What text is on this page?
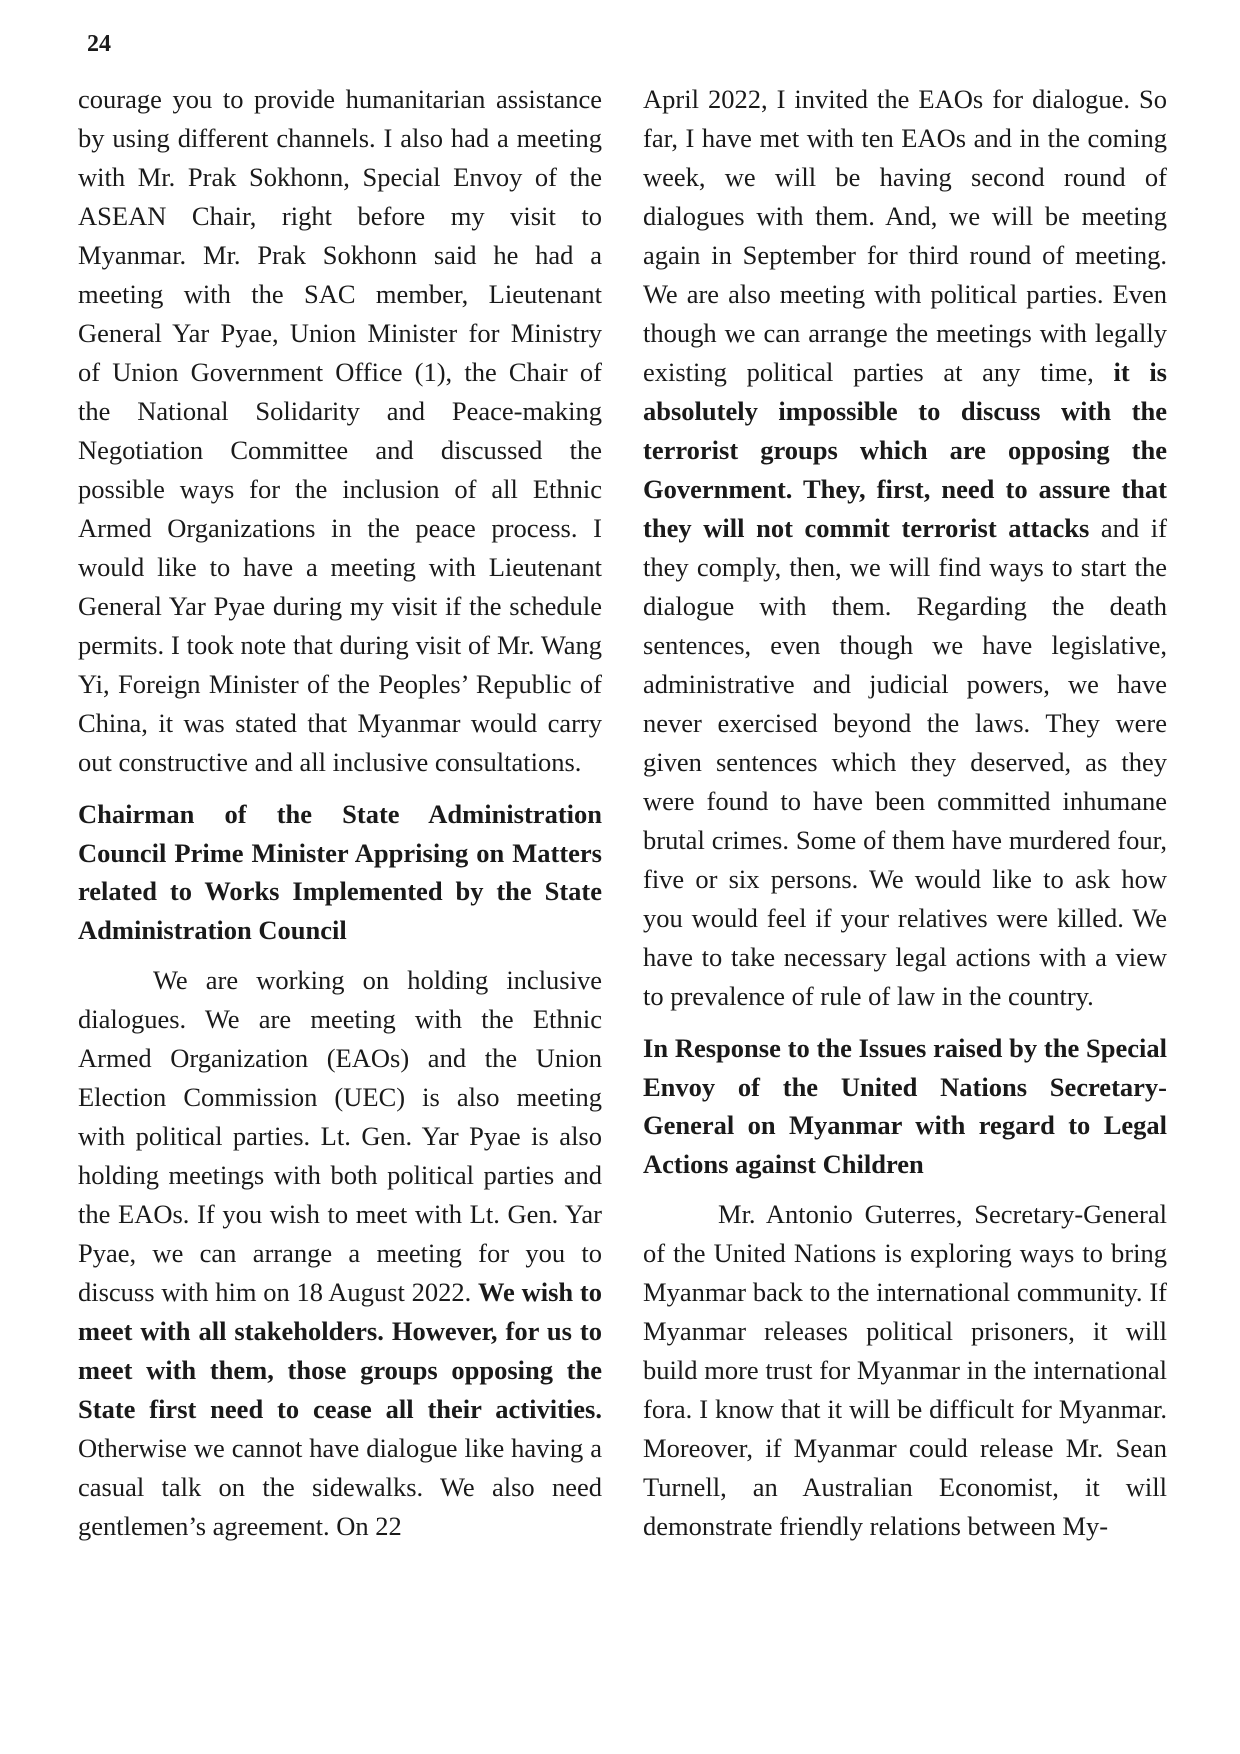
24

courage you to provide humanitarian assistance by using different channels. I also had a meeting with Mr. Prak Sokhonn, Special Envoy of the ASEAN Chair, right before my visit to Myanmar. Mr. Prak Sokhonn said he had a meeting with the SAC member, Lieutenant General Yar Pyae, Union Minister for Ministry of Union Government Office (1), the Chair of the National Solidarity and Peace-making Negotiation Committee and discussed the possible ways for the inclusion of all Ethnic Armed Organizations in the peace process. I would like to have a meeting with Lieutenant General Yar Pyae during my visit if the schedule permits. I took note that during visit of Mr. Wang Yi, Foreign Minister of the Peoples’ Republic of China, it was stated that Myanmar would carry out constructive and all inclusive consultations.

Chairman of the State Administration Council Prime Minister Apprising on Matters related to Works Implemented by the State Administration Council

We are working on holding inclusive dialogues. We are meeting with the Ethnic Armed Organization (EAOs) and the Union Election Commission (UEC) is also meeting with political parties. Lt. Gen. Yar Pyae is also holding meetings with both political parties and the EAOs. If you wish to meet with Lt. Gen. Yar Pyae, we can arrange a meeting for you to discuss with him on 18 August 2022. We wish to meet with all stakeholders. However, for us to meet with them, those groups opposing the State first need to cease all their activities. Otherwise we cannot have dialogue like having a casual talk on the sidewalks. We also need gentlemen’s agreement. On 22

April 2022, I invited the EAOs for dialogue. So far, I have met with ten EAOs and in the coming week, we will be having second round of dialogues with them. And, we will be meeting again in September for third round of meeting. We are also meeting with political parties. Even though we can arrange the meetings with legally existing political parties at any time, it is absolutely impossible to discuss with the terrorist groups which are opposing the Government. They, first, need to assure that they will not commit terrorist attacks and if they comply, then, we will find ways to start the dialogue with them. Regarding the death sentences, even though we have legislative, administrative and judicial powers, we have never exercised beyond the laws. They were given sentences which they deserved, as they were found to have been committed inhumane brutal crimes. Some of them have murdered four, five or six persons. We would like to ask how you would feel if your relatives were killed. We have to take necessary legal actions with a view to prevalence of rule of law in the country.

In Response to the Issues raised by the Special Envoy of the United Nations Secretary-General on Myanmar with regard to Legal Actions against Children

Mr. Antonio Guterres, Secretary-General of the United Nations is exploring ways to bring Myanmar back to the international community. If Myanmar releases political prisoners, it will build more trust for Myanmar in the international fora. I know that it will be difficult for Myanmar. Moreover, if Myanmar could release Mr. Sean Turnell, an Australian Economist, it will demonstrate friendly relations between My-
